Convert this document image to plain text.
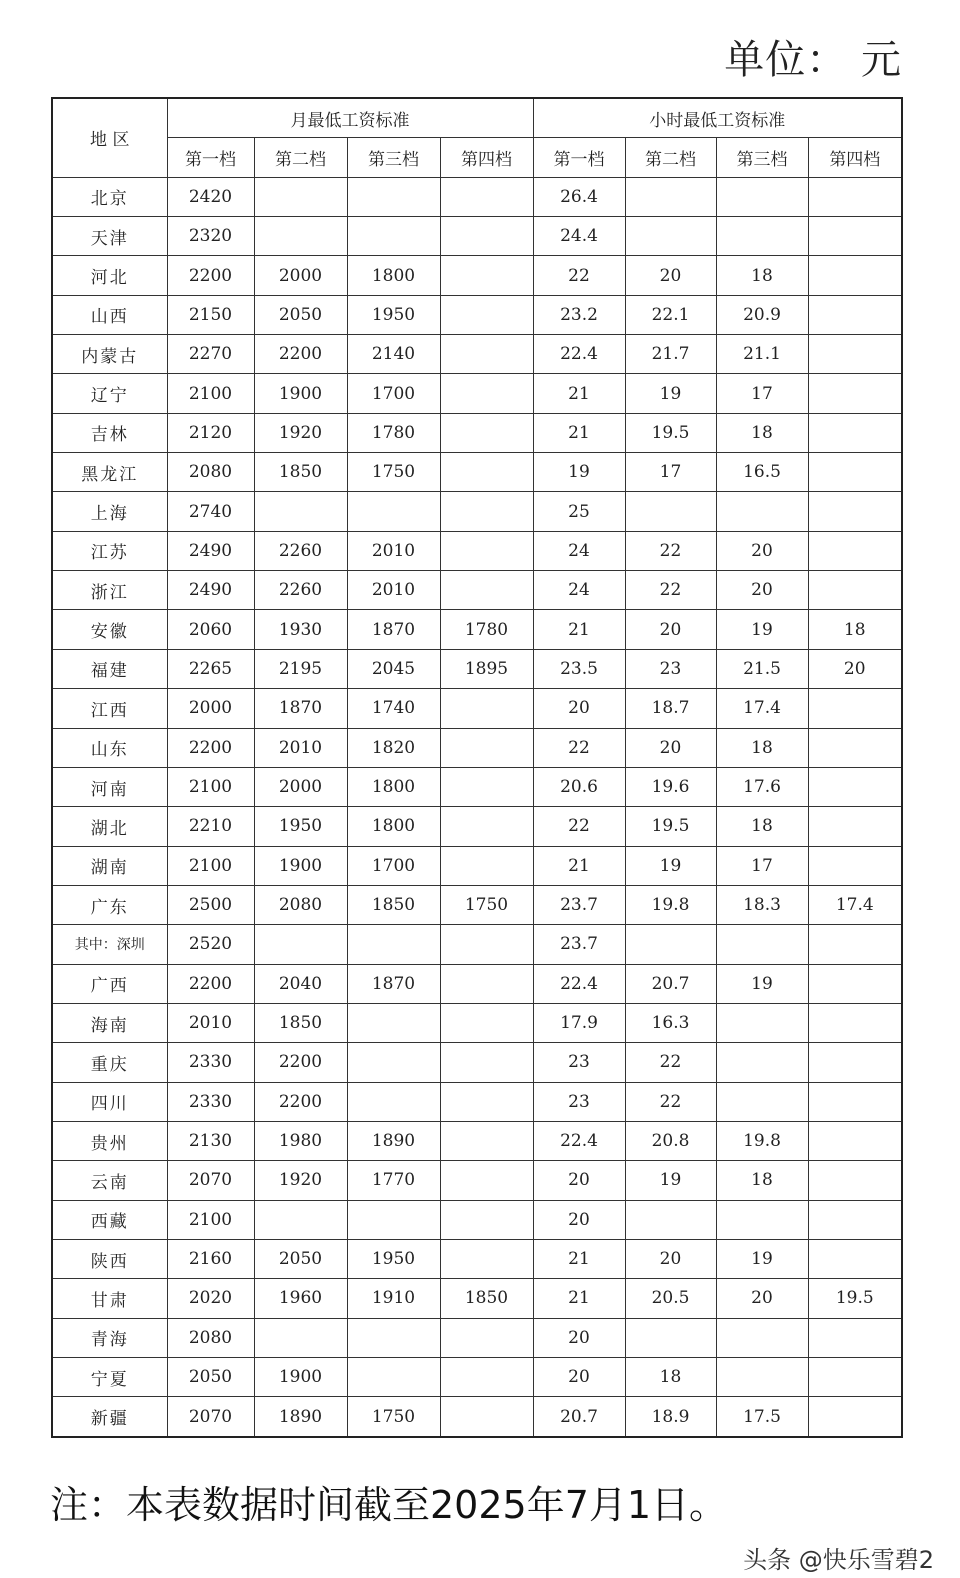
单位： 元
地 区	月最低工资标准				小时最低工资标准			
	第一档	第二档	第三档	第四档	第一档	第二档	第三档	第四档
北京	2420				26.4			
天津	2320				24.4			
河北	2200	2000	1800		22	20	18	
山西	2150	2050	1950		23.2	22.1	20.9	
内蒙古	2270	2200	2140		22.4	21.7	21.1	
辽宁	2100	1900	1700		21	19	17	
吉林	2120	1920	1780		21	19.5	18	
黑龙江	2080	1850	1750		19	17	16.5	
上海	2740				25			
江苏	2490	2260	2010		24	22	20	
浙江	2490	2260	2010		24	22	20	
安徽	2060	1930	1870	1780	21	20	19	18
福建	2265	2195	2045	1895	23.5	23	21.5	20
江西	2000	1870	1740		20	18.7	17.4	
山东	2200	2010	1820		22	20	18	
河南	2100	2000	1800		20.6	19.6	17.6	
湖北	2210	1950	1800		22	19.5	18	
湖南	2100	1900	1700		21	19	17	
广东	2500	2080	1850	1750	23.7	19.8	18.3	17.4
其中：深圳	2520				23.7			
广西	2200	2040	1870		22.4	20.7	19	
海南	2010	1850			17.9	16.3		
重庆	2330	2200			23	22		
四川	2330	2200			23	22		
贵州	2130	1980	1890		22.4	20.8	19.8	
云南	2070	1920	1770		20	19	18	
西藏	2100				20			
陕西	2160	2050	1950		21	20	19	
甘肃	2020	1960	1910	1850	21	20.5	20	19.5
青海	2080				20			
宁夏	2050	1900			20	18		
新疆	2070	1890	1750		20.7	18.9	17.5	
注：本表数据时间截至2025年7月1日。
头条 @快乐雪碧2
